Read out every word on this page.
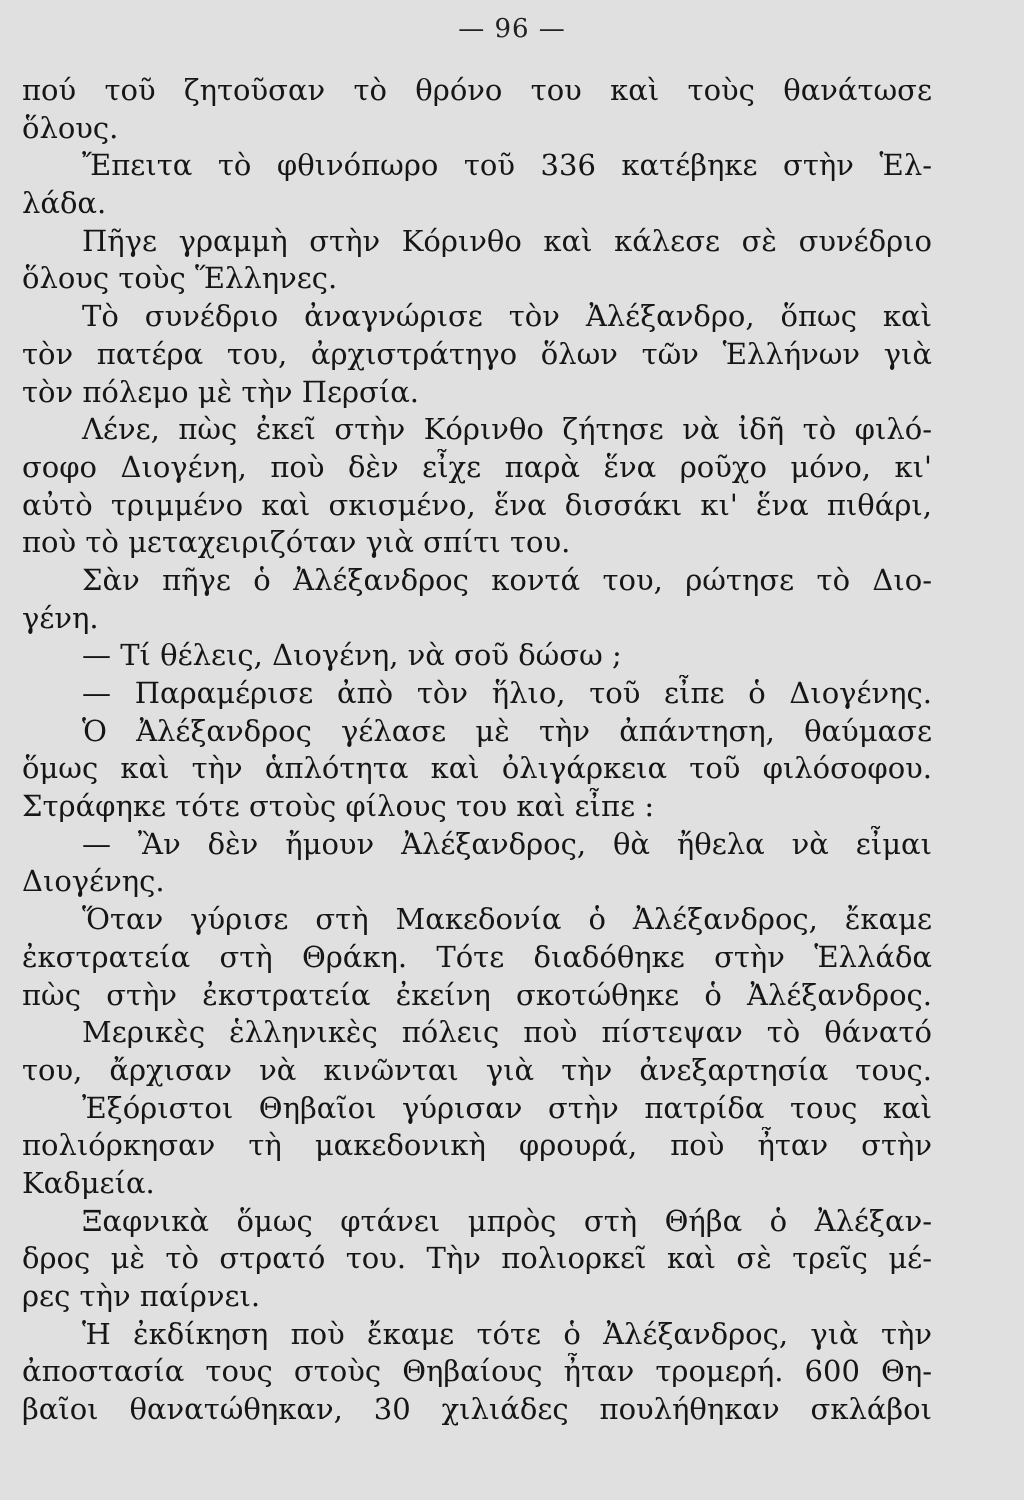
— 96 —
πού τοῦ ζητοῦσαν τὸ θρόνο του καὶ τοὺς θανάτωσε
ὅλους.
Ἔπειτα τὸ φθινόπωρο τοῦ 336 κατέβηκε στὴν Ἑλ-
λάδα.
Πῆγε γραμμὴ στὴν Κόρινθο καὶ κάλεσε σὲ συνέδριο
ὅλους τοὺς Ἕλληνες.
Τὸ συνέδριο ἀναγνώρισε τὸν Ἀλέξανδρο, ὅπως καὶ
τὸν πατέρα του, ἀρχιστράτηγο ὅλων τῶν Ἑλλήνων γιὰ
τὸν πόλεμο μὲ τὴν Περσία.
Λένε, πὼς ἐκεῖ στὴν Κόρινθο ζήτησε νὰ ἰδῆ τὸ φιλό-
σοφο Διογένη, ποὺ δὲν εἶχε παρὰ ἕνα ροῦχο μόνο, κι'
αὐτὸ τριμμένο καὶ σκισμένο, ἕνα δισσάκι κι' ἕνα πιθάρι,
ποὺ τὸ μεταχειριζόταν γιὰ σπίτι του.
Σὰν πῆγε ὁ Ἀλέξανδρος κοντά του, ρώτησε τὸ Διο-
γένη.
— Τί θέλεις, Διογένη, νὰ σοῦ δώσω ;
— Παραμέρισε ἀπὸ τὸν ἥλιο, τοῦ εἶπε ὁ Διογένης.
Ὁ Ἀλέξανδρος γέλασε μὲ τὴν ἀπάντηση, θαύμασε
ὅμως καὶ τὴν ἁπλότητα καὶ ὀλιγάρκεια τοῦ φιλόσοφου.
Στράφηκε τότε στοὺς φίλους του καὶ εἶπε :
— Ἂν δὲν ἤμουν Ἀλέξανδρος, θὰ ἤθελα νὰ εἶμαι
Διογένης.
Ὅταν γύρισε στὴ Μακεδονία ὁ Ἀλέξανδρος, ἔκαμε
ἐκστρατεία στὴ Θράκη. Τότε διαδόθηκε στὴν Ἑλλάδα
πὼς στὴν ἐκστρατεία ἐκείνη σκοτώθηκε ὁ Ἀλέξανδρος.
Μερικὲς ἑλληνικὲς πόλεις ποὺ πίστεψαν τὸ θάνατό
του, ἄρχισαν νὰ κινῶνται γιὰ τὴν ἀνεξαρτησία τους.
Ἐξόριστοι Θηβαῖοι γύρισαν στὴν πατρίδα τους καὶ
πολιόρκησαν τὴ μακεδονικὴ φρουρά, ποὺ ἦταν στὴν
Καδμεία.
Ξαφνικὰ ὅμως φτάνει μπρὸς στὴ Θήβα ὁ Ἀλέξαν-
δρος μὲ τὸ στρατό του. Τὴν πολιορκεῖ καὶ σὲ τρεῖς μέ-
ρες τὴν παίρνει.
Ἡ ἐκδίκηση ποὺ ἔκαμε τότε ὁ Ἀλέξανδρος, γιὰ τὴν
ἀποστασία τους στοὺς Θηβαίους ἦταν τρομερή. 600 Θη-
βαῖοι θανατώθηκαν, 30 χιλιάδες πουλήθηκαν σκλάβοι
